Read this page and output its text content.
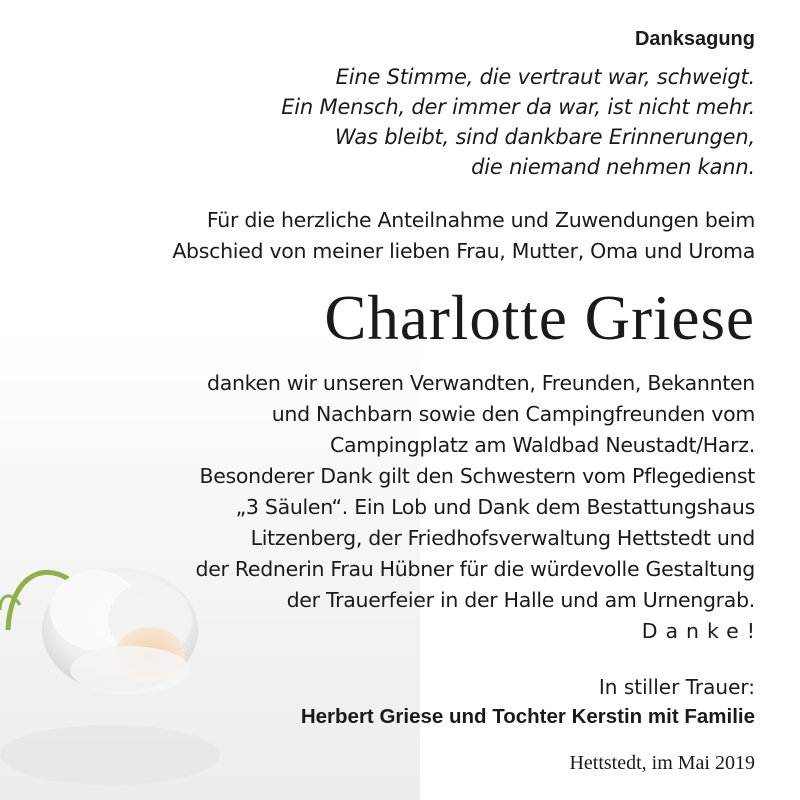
Danksagung
Eine Stimme, die vertraut war, schweigt.
Ein Mensch, der immer da war, ist nicht mehr.
Was bleibt, sind dankbare Erinnerungen,
die niemand nehmen kann.
Für die herzliche Anteilnahme und Zuwendungen beim
Abschied von meiner lieben Frau, Mutter, Oma und Uroma
Charlotte Griese
danken wir unseren Verwandten, Freunden, Bekannten
und Nachbarn sowie den Campingfreunden vom
Campingplatz am Waldbad Neustadt/Harz.
Besonderer Dank gilt den Schwestern vom Pflegedienst
„3 Säulen“. Ein Lob und Dank dem Bestattungshaus
Litzenberg, der Friedhofsverwaltung Hettstedt und
der Rednerin Frau Hübner für die würdevolle Gestaltung
der Trauerfeier in der Halle und am Urnengrab.
Danke!
In stiller Trauer:
Herbert Griese und Tochter Kerstin mit Familie
Hettstedt, im Mai 2019
